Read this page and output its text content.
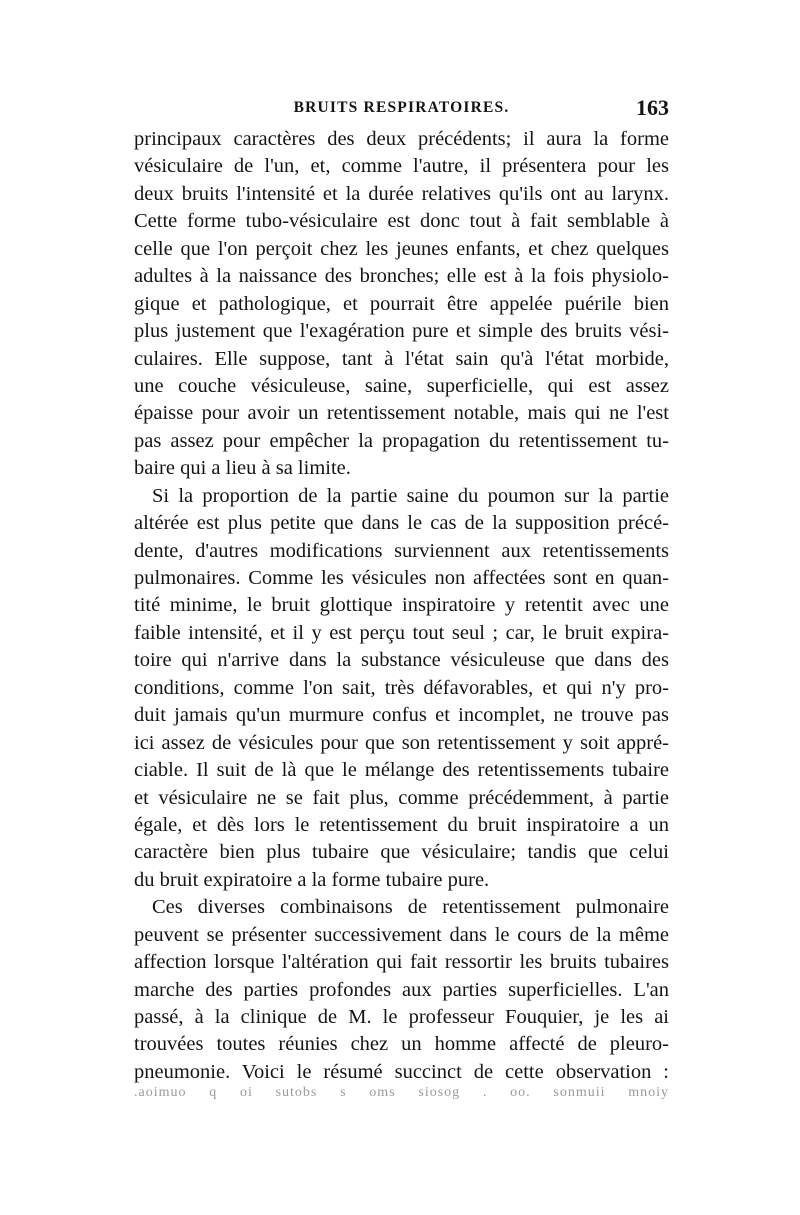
BRUITS RESPIRATOIRES.	163
principaux caractères des deux précédents; il aura la forme
vésiculaire de l'un, et, comme l'autre, il présentera pour les
deux bruits l'intensité et la durée relatives qu'ils ont au larynx.
Cette forme tubo-vésiculaire est donc tout à fait semblable à
celle que l'on perçoit chez les jeunes enfants, et chez quelques
adultes à la naissance des bronches; elle est à la fois physiolo-
gique et pathologique, et pourrait être appelée puérile bien
plus justement que l'exagération pure et simple des bruits vési-
culaires. Elle suppose, tant à l'état sain qu'à l'état morbide,
une couche vésiculeuse, saine, superficielle, qui est assez
épaisse pour avoir un retentissement notable, mais qui ne l'est
pas assez pour empêcher la propagation du retentissement tu-
baire qui a lieu à sa limite.
Si la proportion de la partie saine du poumon sur la partie
altérée est plus petite que dans le cas de la supposition précé-
dente, d'autres modifications surviennent aux retentissements
pulmonaires. Comme les vésicules non affectées sont en quan-
tité minime, le bruit glottique inspiratoire y retentit avec une
faible intensité, et il y est perçu tout seul ; car, le bruit expira-
toire qui n'arrive dans la substance vésiculeuse que dans des
conditions, comme l'on sait, très défavorables, et qui n'y pro-
duit jamais qu'un murmure confus et incomplet, ne trouve pas
ici assez de vésicules pour que son retentissement y soit appré-
ciable. Il suit de là que le mélange des retentissements tubaire
et vésiculaire ne se fait plus, comme précédemment, à partie
égale, et dès lors le retentissement du bruit inspiratoire a un
caractère bien plus tubaire que vésiculaire; tandis que celui
du bruit expiratoire a la forme tubaire pure.
Ces diverses combinaisons de retentissement pulmonaire
peuvent se présenter successivement dans le cours de la même
affection lorsque l'altération qui fait ressortir les bruits tubaires
marche des parties profondes aux parties superficielles. L'an
passé, à la clinique de M. le professeur Fouquier, je les ai
trouvées toutes réunies chez un homme affecté de pleuro-
pneumonie. Voici le résumé succinct de cette observation :
.aoimuo q oi sutobs s oms siosog . oo. sonmuii mnoiy
